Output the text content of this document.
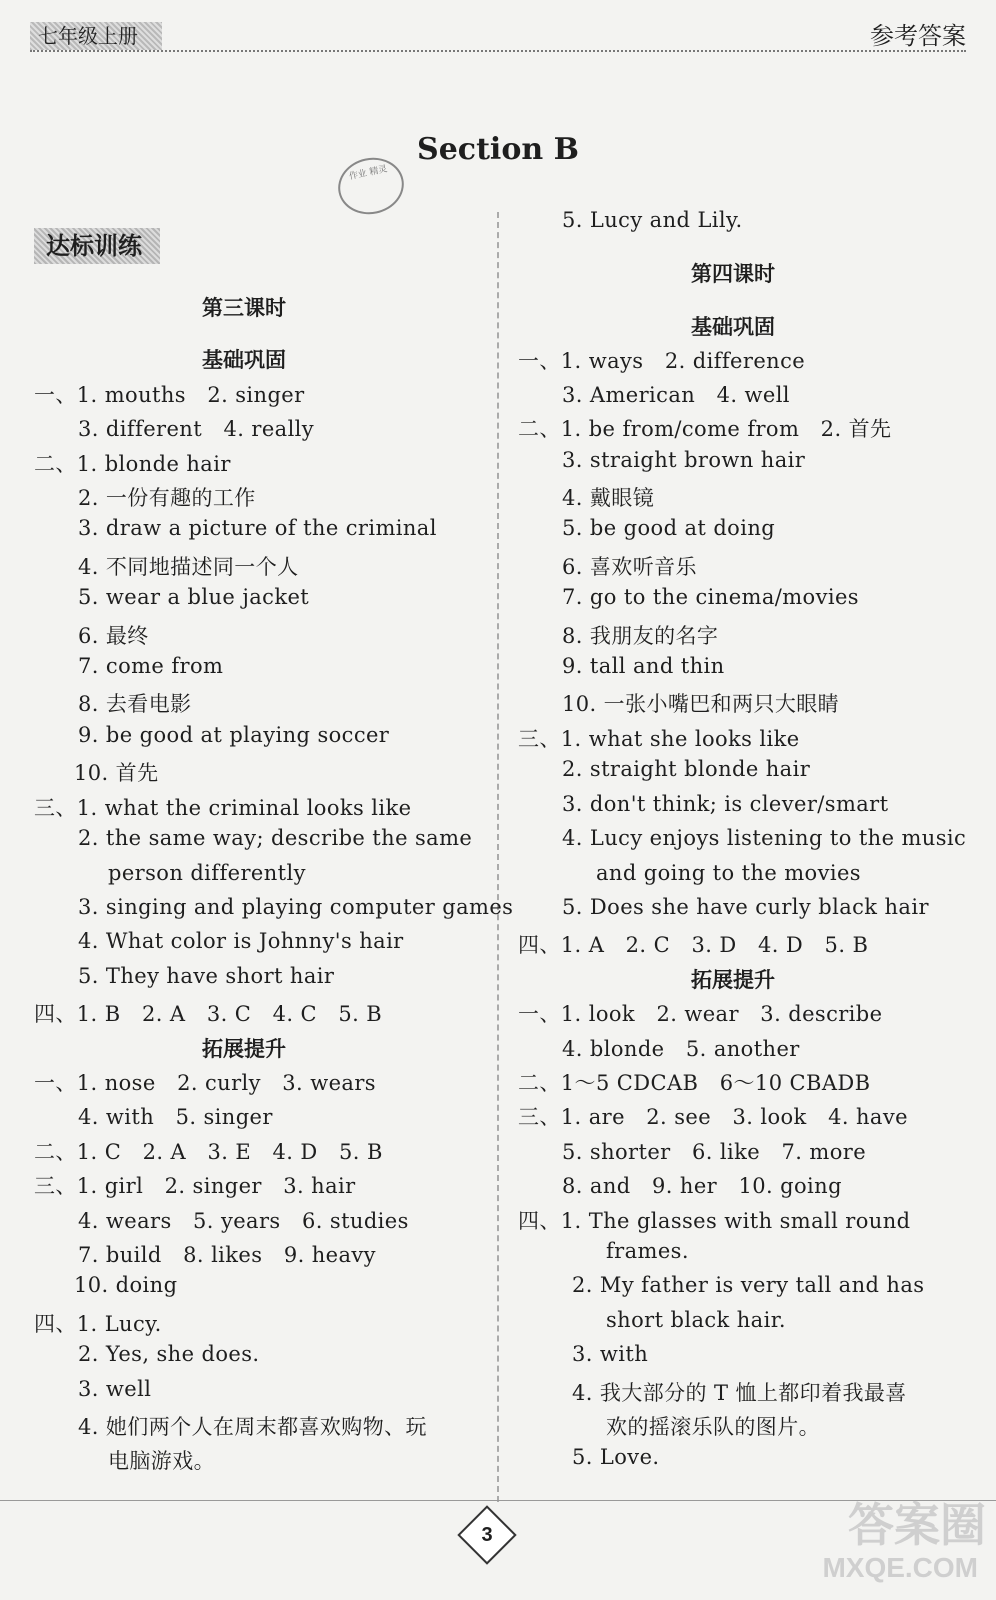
七年级上册	参考答案
Section B
作业 精灵
达标训练
第三课时
基础巩固
一、1. mouths　2. singer
3. different　4. really
二、1. blonde hair
2. 一份有趣的工作
3. draw a picture of the criminal
4. 不同地描述同一个人
5. wear a blue jacket
6. 最终
7. come from
8. 去看电影
9. be good at playing soccer
10. 首先
三、1. what the criminal looks like
2. the same way; describe the same
person differently
3. singing and playing computer games
4. What color is Johnny's hair
5. They have short hair
四、1. B　2. A　3. C　4. C　5. B
拓展提升
一、1. nose　2. curly　3. wears
4. with　5. singer
二、1. C　2. A　3. E　4. D　5. B
三、1. girl　2. singer　3. hair
4. wears　5. years　6. studies
7. build　8. likes　9. heavy
10. doing
四、1. Lucy.
2. Yes, she does.
3. well
4. 她们两个人在周末都喜欢购物、玩
电脑游戏。
5. Lucy and Lily.
第四课时
基础巩固
一、1. ways　2. difference
3. American　4. well
二、1. be from/come from　2. 首先
3. straight brown hair
4. 戴眼镜
5. be good at doing
6. 喜欢听音乐
7. go to the cinema/movies
8. 我朋友的名字
9. tall and thin
10. 一张小嘴巴和两只大眼睛
三、1. what she looks like
2. straight blonde hair
3. don't think; is clever/smart
4. Lucy enjoys listening to the music
and going to the movies
5. Does she have curly black hair
四、1. A　2. C　3. D　4. D　5. B
拓展提升
一、1. look　2. wear　3. describe
4. blonde　5. another
二、1～5 CDCAB　6～10 CBADB
三、1. are　2. see　3. look　4. have
5. shorter　6. like　7. more
8. and　9. her　10. going
四、1. The glasses with small round
frames.
2. My father is very tall and has
short black hair.
3. with
4. 我大部分的 T 恤上都印着我最喜
欢的摇滚乐队的图片。
5. Love.
3	答案圈
MXQE.COM
